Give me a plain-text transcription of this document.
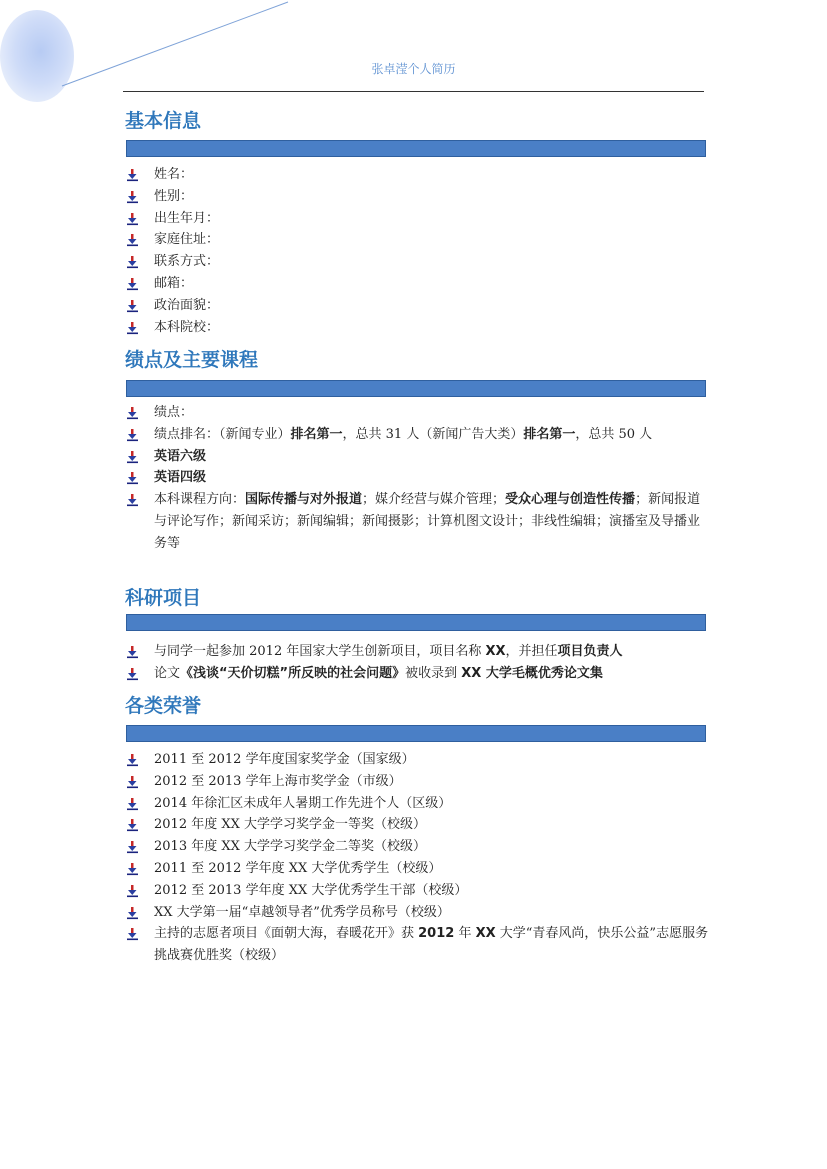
张卓滢个人简历
基本信息
姓名：
性别：
出生年月：
家庭住址：
联系方式：
邮箱：
政治面貌：
本科院校：
绩点及主要课程
绩点：
绩点排名：（新闻专业）排名第一，总共 31 人（新闻广告大类）排名第一，总共 50 人
英语六级
英语四级
本科课程方向：国际传播与对外报道；媒介经营与媒介管理；受众心理与创造性传播；新闻报道与评论写作；新闻采访；新闻编辑；新闻摄影；计算机图文设计；非线性编辑；演播室及导播业务等
科研项目
与同学一起参加 2012 年国家大学生创新项目，项目名称 XX，并担任项目负责人
论文《浅谈“天价切糕”所反映的社会问题》被收录到 XX 大学毛概优秀论文集
各类荣誉
2011 至 2012 学年度国家奖学金（国家级）
2012 至 2013 学年上海市奖学金（市级）
2014 年徐汇区未成年人暑期工作先进个人（区级）
2012 年度 XX 大学学习奖学金一等奖（校级）
2013 年度 XX 大学学习奖学金二等奖（校级）
2011 至 2012 学年度 XX 大学优秀学生（校级）
2012 至 2013 学年度 XX 大学优秀学生干部（校级）
XX 大学第一届“卓越领导者”优秀学员称号（校级）
主持的志愿者项目《面朝大海，春暖花开》获 2012 年 XX 大学“青春风尚，快乐公益”志愿服务挑战赛优胜奖（校级）
